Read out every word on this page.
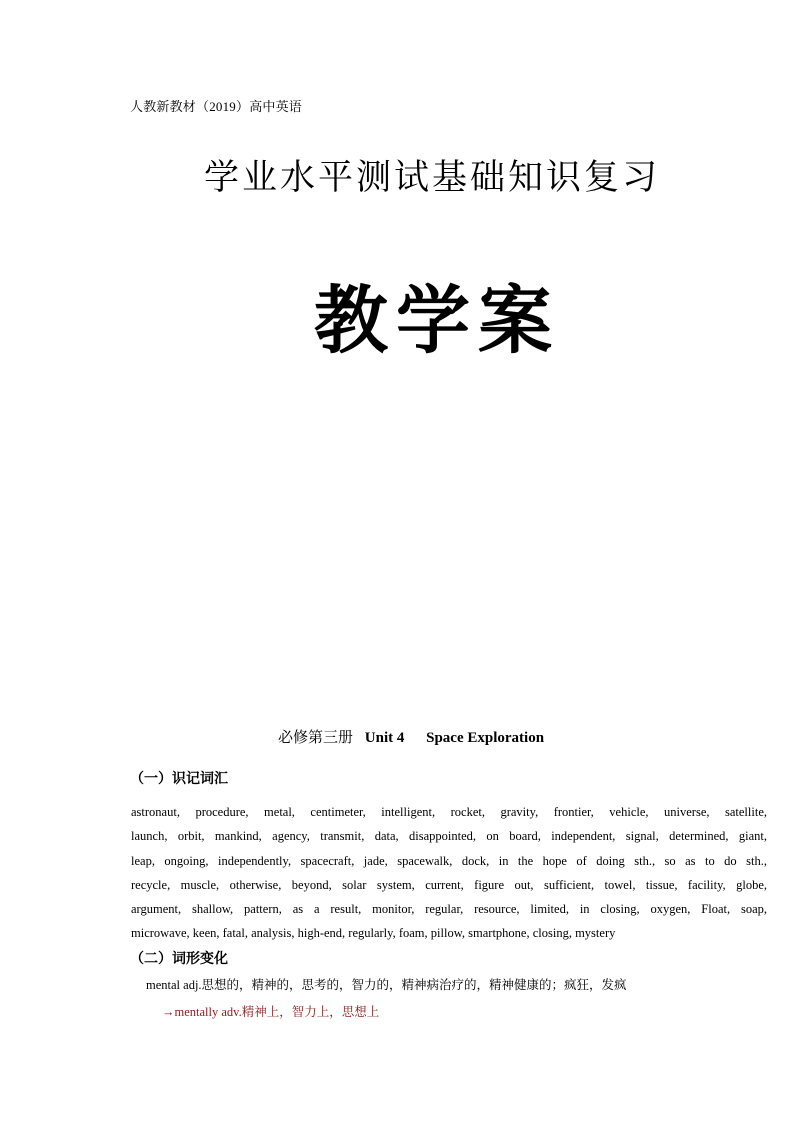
人教新教材（2019）高中英语
学业水平测试基础知识复习
教学案
必修第三册 Unit 4 Space Exploration
（一）识记词汇
astronaut, procedure, metal, centimeter, intelligent, rocket, gravity, frontier, vehicle, universe, satellite,
launch, orbit, mankind, agency, transmit, data, disappointed, on board, independent, signal, determined, giant,
leap, ongoing, independently, spacecraft, jade, spacewalk, dock, in the hope of doing sth., so as to do sth.,
recycle, muscle, otherwise, beyond, solar system, current, figure out, sufficient, towel, tissue, facility, globe,
argument, shallow, pattern, as a result, monitor, regular, resource, limited, in closing, oxygen, Float, soap,
microwave, keen, fatal, analysis, high-end, regularly, foam, pillow, smartphone, closing, mystery
（二）词形变化
mental adj.思想的，精神的，思考的，智力的，精神病治疗的，精神健康的；疯狂，发疯
→mentally adv.精神上，智力上，思想上
